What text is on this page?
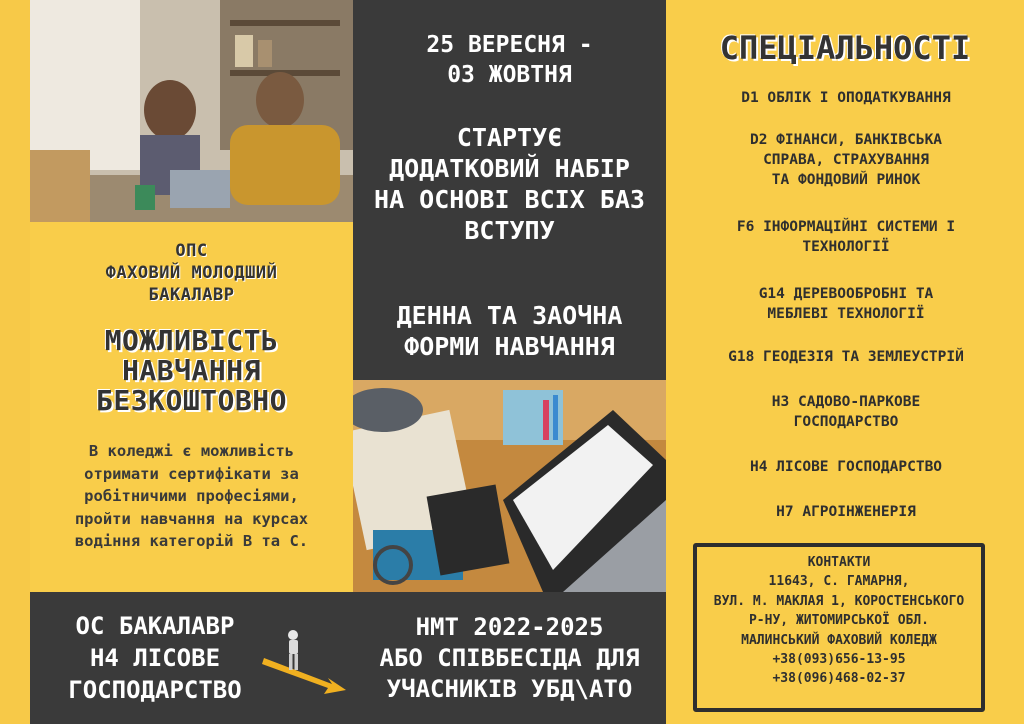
ОПС
ФАХОВИЙ МОЛОДШИЙ
БАКАЛАВР
МОЖЛИВІСТЬ
НАВЧАННЯ
БЕЗКОШТОВНО
В коледжі є можливість
отримати сертифікати за
робітничими професіями,
пройти навчання на курсах
водіння категорій В та С.
25 ВЕРЕСНЯ -
03 ЖОВТНЯ
СТАРТУЄ
ДОДАТКОВИЙ НАБІР
НА ОСНОВІ ВСІХ БАЗ
ВСТУПУ
ДЕННА ТА ЗАОЧНА
ФОРМИ НАВЧАННЯ
СПЕЦІАЛЬНОСТІ
D1 ОБЛІК І ОПОДАТКУВАННЯ
D2 ФІНАНСИ, БАНКІВСЬКА
СПРАВА, СТРАХУВАННЯ
ТА ФОНДОВИЙ РИНОК
F6 ІНФОРМАЦІЙНІ СИСТЕМИ І
ТЕХНОЛОГІЇ
G14 ДЕРЕВООБРОБНІ ТА
МЕБЛЕВІ ТЕХНОЛОГІЇ
G18 ГЕОДЕЗІЯ ТА ЗЕМЛЕУСТРІЙ
H3 САДОВО-ПАРКОВЕ
ГОСПОДАРСТВО
H4 ЛІСОВЕ ГОСПОДАРСТВО
H7 АГРОІНЖЕНЕРІЯ
КОНТАКТИ
11643, С. ГАМАРНЯ,
ВУЛ. М. МАКЛАЯ 1, КОРОСТЕНСЬКОГО
Р-НУ, ЖИТОМИРСЬКОЇ ОБЛ.
МАЛИНСЬКИЙ ФАХОВИЙ КОЛЕДЖ
+38(093)656-13-95
+38(096)468-02-37
ОС БАКАЛАВР
Н4 ЛІСОВЕ
ГОСПОДАРСТВО
НМТ 2022-2025
АБО СПІВБЕСІДА ДЛЯ
УЧАСНИКІВ УБД\АТО
